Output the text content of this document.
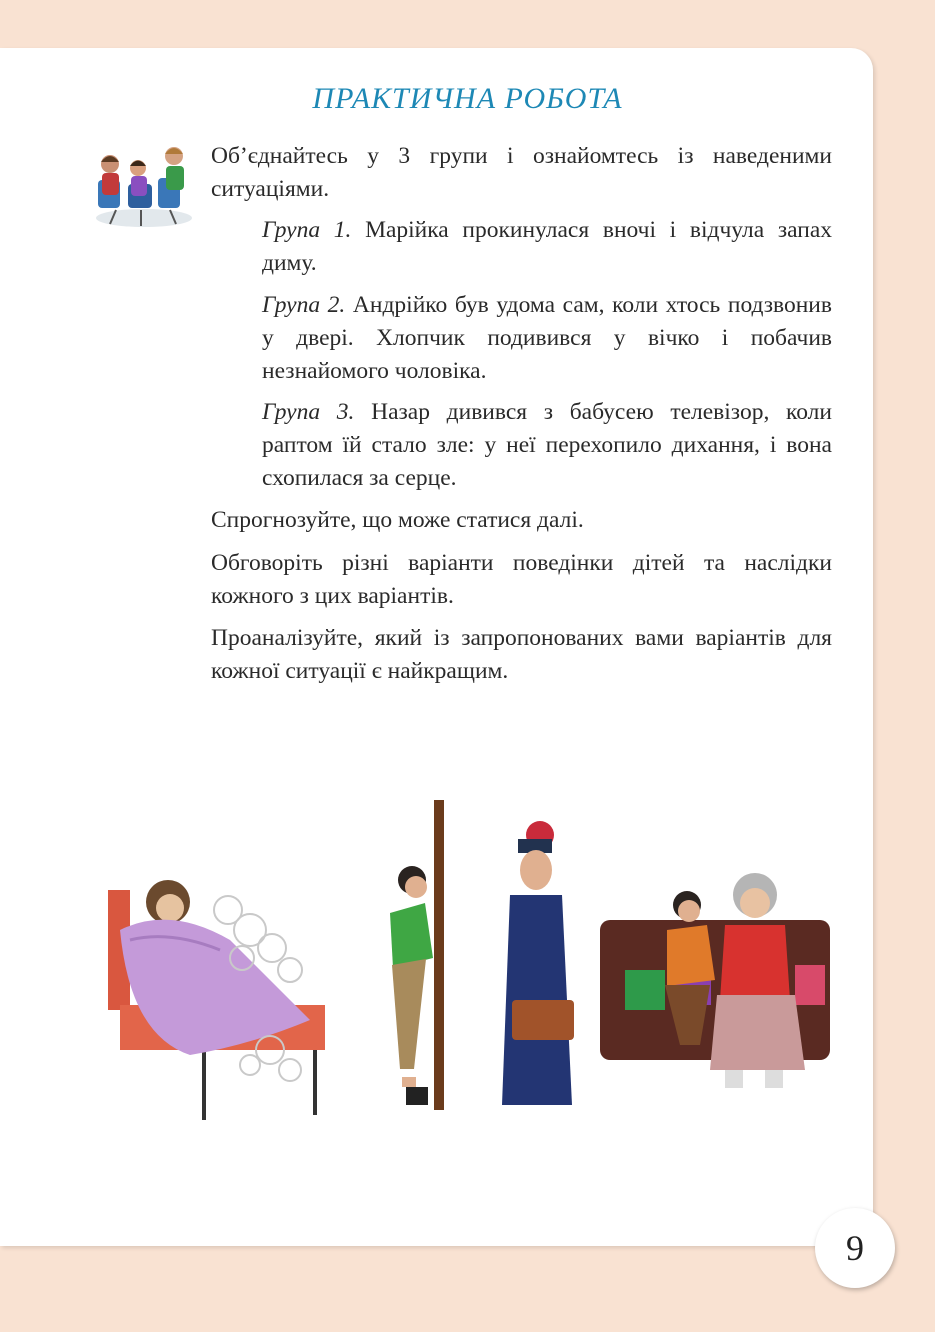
ПРАКТИЧНА РОБОТА
Об’єднайтесь у 3 групи і ознайомтесь із наведеними ситуаціями.
Група 1. Марійка прокинулася вночі і відчула запах диму.
Група 2. Андрійко був удома сам, коли хтось подзвонив у двері. Хлопчик подивився у вічко і побачив незнайомого чоловіка.
Група 3. Назар дивився з бабусею телевізор, коли раптом їй стало зле: у неї перехопило дихання, і вона схопилася за серце.
Спрогнозуйте, що може статися далі.
Обговоріть різні варіанти поведінки дітей та наслідки кожного з цих варіантів.
Проаналізуйте, який із запропонованих вами варіантів для кожної ситуації є найкращим.
9
